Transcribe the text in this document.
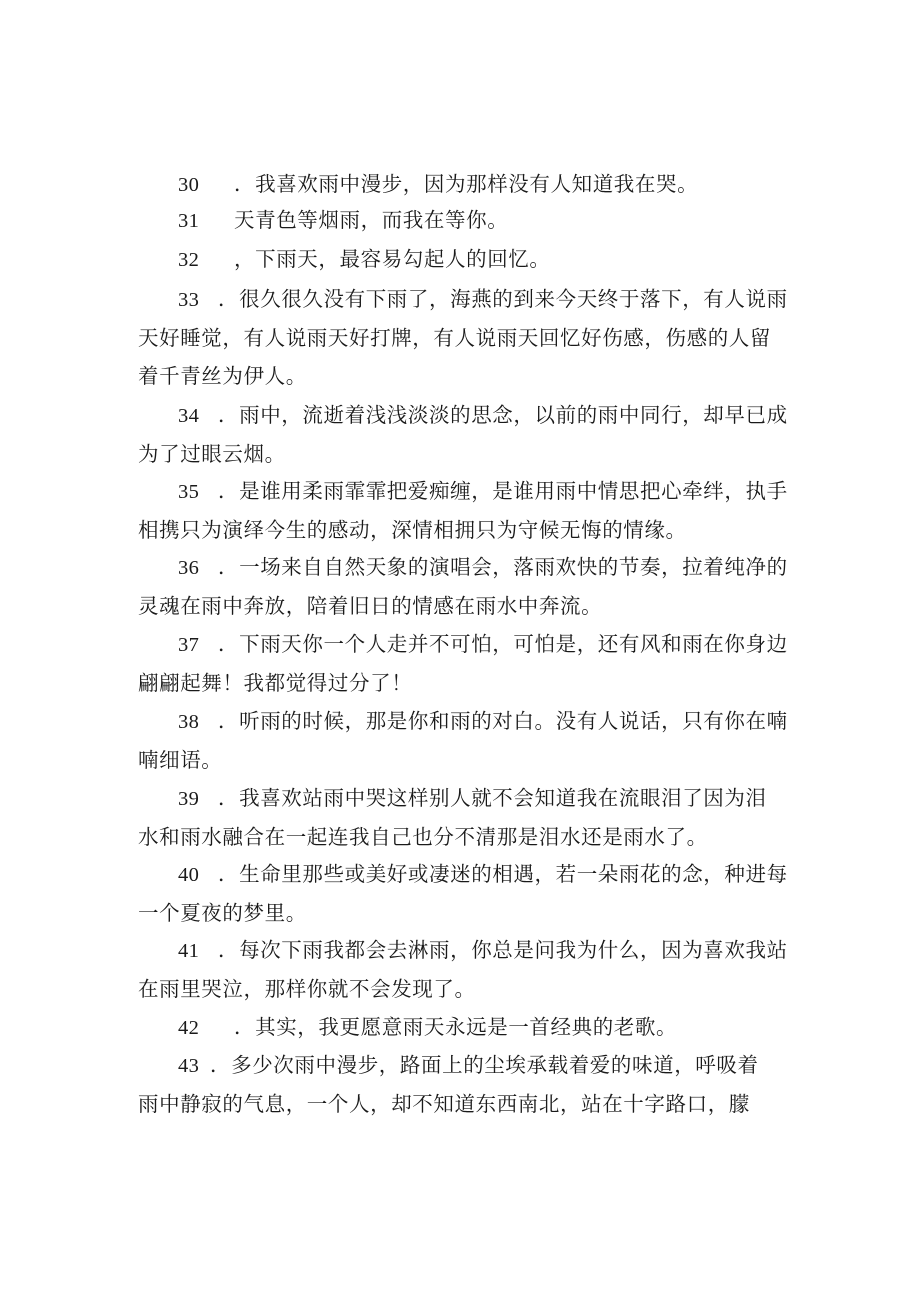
30 ．我喜欢雨中漫步，因为那样没有人知道我在哭。
31 天青色等烟雨，而我在等你。
32 ，下雨天，最容易勾起人的回忆。
33 ．很久很久没有下雨了，海燕的到来今天终于落下，有人说雨
天好睡觉，有人说雨天好打牌，有人说雨天回忆好伤感，伤感的人留
着千青丝为伊人。
34 ．雨中，流逝着浅浅淡淡的思念，以前的雨中同行，却早已成
为了过眼云烟。
35 ．是谁用柔雨霏霏把爱痴缠，是谁用雨中情思把心牵绊，执手
相携只为演绎今生的感动，深情相拥只为守候无悔的情缘。
36 ．一场来自自然天象的演唱会，落雨欢快的节奏，拉着纯净的
灵魂在雨中奔放，陪着旧日的情感在雨水中奔流。
37 ．下雨天你一个人走并不可怕，可怕是，还有风和雨在你身边
翩翩起舞！我都觉得过分了！
38 ．听雨的时候，那是你和雨的对白。没有人说话，只有你在喃
喃细语。
39 ．我喜欢站雨中哭这样别人就不会知道我在流眼泪了因为泪
水和雨水融合在一起连我自己也分不清那是泪水还是雨水了。
40 ．生命里那些或美好或凄迷的相遇，若一朵雨花的念，种进每
一个夏夜的梦里。
41 ．每次下雨我都会去淋雨，你总是问我为什么，因为喜欢我站
在雨里哭泣，那样你就不会发现了。
42 ．其实，我更愿意雨天永远是一首经典的老歌。
43 ．多少次雨中漫步，路面上的尘埃承载着爱的味道，呼吸着
雨中静寂的气息，一个人，却不知道东西南北，站在十字路口，朦
